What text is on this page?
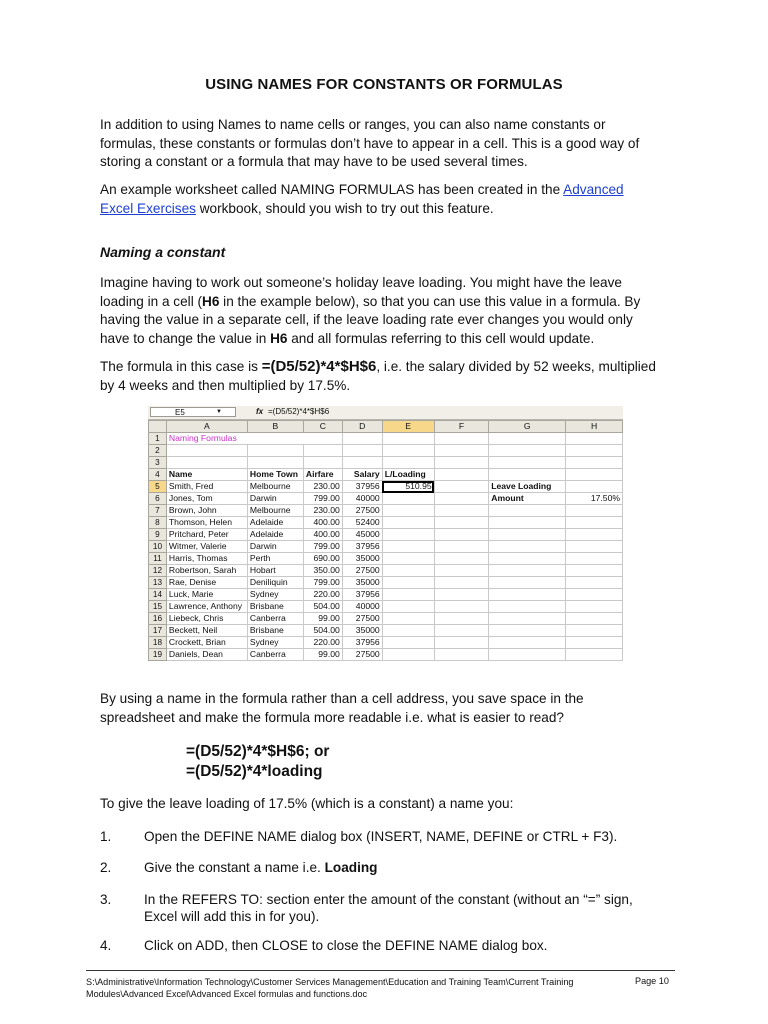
USING NAMES FOR CONSTANTS OR FORMULAS
In addition to using Names to name cells or ranges, you can also name constants or formulas, these constants or formulas don’t have to appear in a cell. This is a good way of storing a constant or a formula that may have to be used several times.
An example worksheet called NAMING FORMULAS has been created in the Advanced Excel Exercises workbook, should you wish to try out this feature.
Naming a constant
Imagine having to work out someone’s holiday leave loading. You might have the leave loading in a cell (H6 in the example below), so that you can use this value in a formula. By having the value in a separate cell, if the leave loading rate ever changes you would only have to change the value in H6 and all formulas referring to this cell would update.
The formula in this case is =(D5/52)*4*$H$6, i.e. the salary divided by 52 weeks, multiplied by 4 weeks and then multiplied by 17.5%.
E5	▼	fx =(D5/52)*4*$H$6
	A	B	C	D	E	F	G	H
1	Naming Formulas							
2								
3								
4	Name	Home Town	Airfare	Salary	L/Loading			
5	Smith, Fred	Melbourne	230.00	37956	510.95		Leave Loading	
6	Jones, Tom	Darwin	799.00	40000			Amount	17.50%
7	Brown, John	Melbourne	230.00	27500				
8	Thomson, Helen	Adelaide	400.00	52400				
9	Pritchard, Peter	Adelaide	400.00	45000				
10	Witmer, Valerie	Darwin	799.00	37956				
11	Harris, Thomas	Perth	690.00	35000				
12	Robertson, Sarah	Hobart	350.00	27500				
13	Rae, Denise	Deniliquin	799.00	35000				
14	Luck, Marie	Sydney	220.00	37956				
15	Lawrence, Anthony	Brisbane	504.00	40000				
16	Liebeck, Chris	Canberra	99.00	27500				
17	Beckett, Neil	Brisbane	504.00	35000				
18	Crockett, Brian	Sydney	220.00	37956				
19	Daniels, Dean	Canberra	99.00	27500				
By using a name in the formula rather than a cell address, you save space in the spreadsheet and make the formula more readable i.e. what is easier to read?
=(D5/52)*4*$H$6; or
=(D5/52)*4*loading
To give the leave loading of 17.5% (which is a constant) a name you:
1. Open the DEFINE NAME dialog box (INSERT, NAME, DEFINE or CTRL + F3).
2. Give the constant a name i.e. Loading
3. In the REFERS TO: section enter the amount of the constant (without an “=” sign, Excel will add this in for you).
4. Click on ADD, then CLOSE to close the DEFINE NAME dialog box.
S:\Administrative\Information Technology\Customer Services Management\Education and Training Team\Current Training Modules\Advanced Excel\Advanced Excel formulas and functions.doc
Page 10
